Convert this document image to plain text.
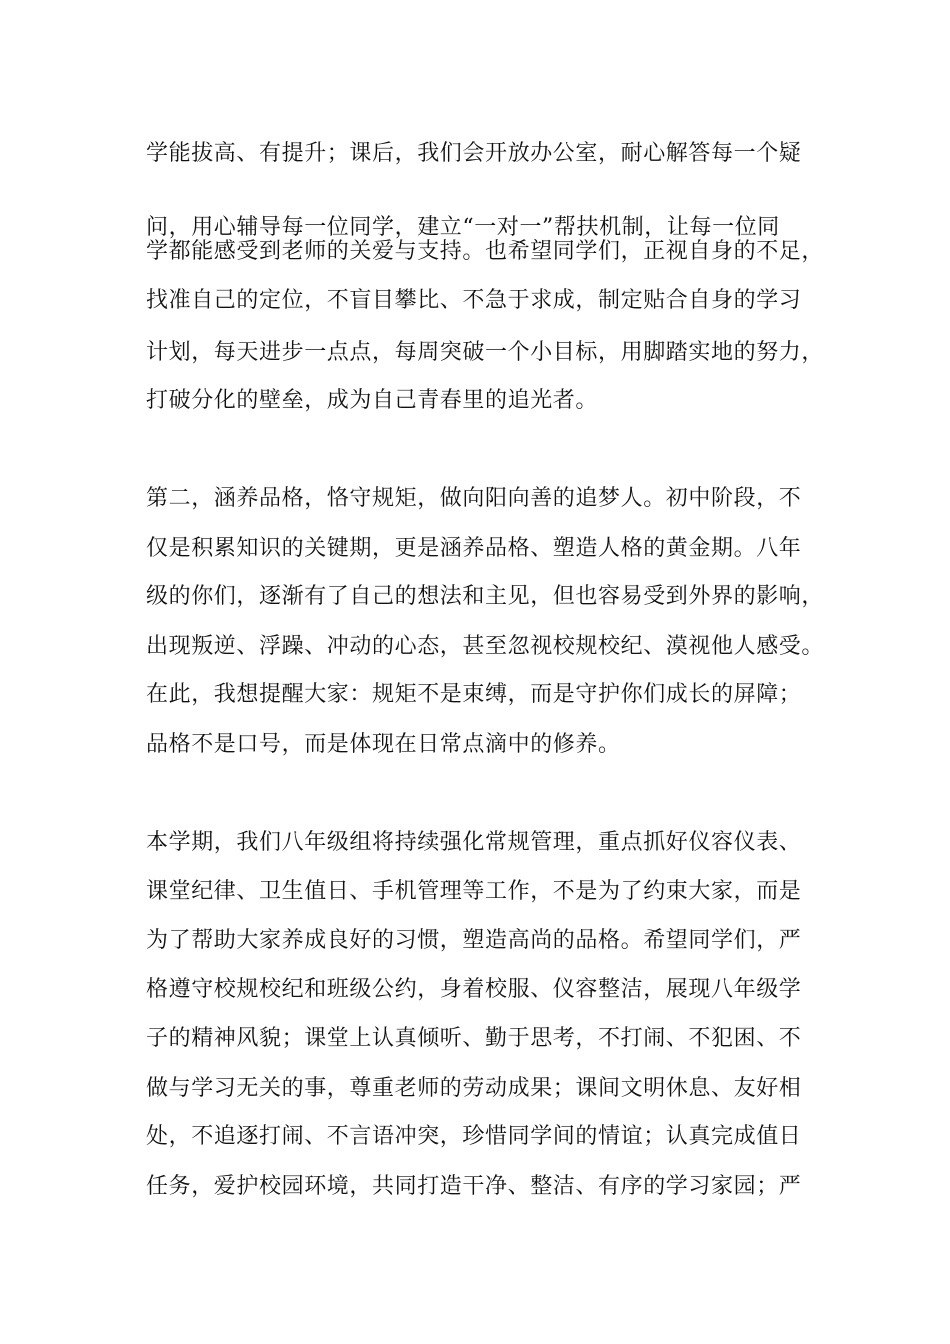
学能拔高、有提升；课后，我们会开放办公室，耐心解答每一个疑

问，用心辅导每一位同学，建立“一对一”帮扶机制，让每一位同

学都能感受到老师的关爱与支持。也希望同学们，正视自身的不足，

找准自己的定位，不盲目攀比、不急于求成，制定贴合自身的学习

计划，每天进步一点点，每周突破一个小目标，用脚踏实地的努力，

打破分化的壁垒，成为自己青春里的追光者。

第二，涵养品格，恪守规矩，做向阳向善的追梦人。初中阶段，不

仅是积累知识的关键期，更是涵养品格、塑造人格的黄金期。八年

级的你们，逐渐有了自己的想法和主见，但也容易受到外界的影响，

出现叛逆、浮躁、冲动的心态，甚至忽视校规校纪、漠视他人感受。

在此，我想提醒大家：规矩不是束缚，而是守护你们成长的屏障；

品格不是口号，而是体现在日常点滴中的修养。

本学期，我们八年级组将持续强化常规管理，重点抓好仪容仪表、

课堂纪律、卫生值日、手机管理等工作，不是为了约束大家，而是

为了帮助大家养成良好的习惯，塑造高尚的品格。希望同学们，严

格遵守校规校纪和班级公约，身着校服、仪容整洁，展现八年级学

子的精神风貌；课堂上认真倾听、勤于思考，不打闹、不犯困、不

做与学习无关的事，尊重老师的劳动成果；课间文明休息、友好相

处，不追逐打闹、不言语冲突，珍惜同学间的情谊；认真完成值日

任务，爱护校园环境，共同打造干净、整洁、有序的学习家园；严
